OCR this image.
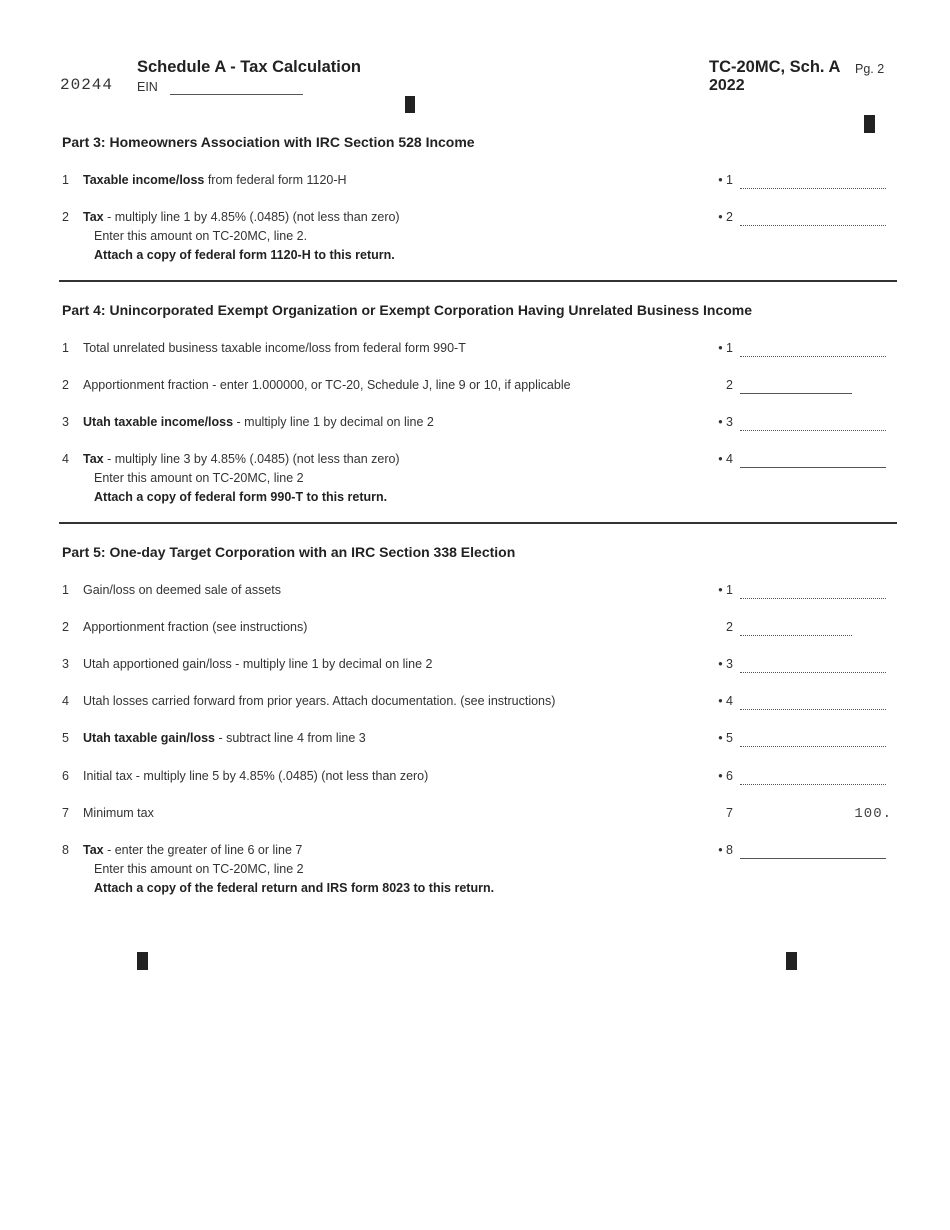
20244
Schedule A - Tax Calculation
EIN
TC-20MC, Sch. A Pg. 2
2022
Part 3: Homeowners Association with IRC Section 528 Income
1 Taxable income/loss from federal form 1120-H	• 1
2 Tax - multiply line 1 by 4.85% (.0485) (not less than zero)	• 2
Enter this amount on TC-20MC, line 2.
Attach a copy of federal form 1120-H to this return.
Part 4: Unincorporated Exempt Organization or Exempt Corporation Having Unrelated Business Income
1 Total unrelated business taxable income/loss from federal form 990-T	• 1
2 Apportionment fraction - enter 1.000000, or TC-20, Schedule J, line 9 or 10, if applicable	2
3 Utah taxable income/loss - multiply line 1 by decimal on line 2	• 3
4 Tax - multiply line 3 by 4.85% (.0485) (not less than zero)	• 4
Enter this amount on TC-20MC, line 2
Attach a copy of federal form 990-T to this return.
Part 5: One-day Target Corporation with an IRC Section 338 Election
1 Gain/loss on deemed sale of assets	• 1
2 Apportionment fraction (see instructions)	2
3 Utah apportioned gain/loss - multiply line 1 by decimal on line 2	• 3
4 Utah losses carried forward from prior years. Attach documentation. (see instructions)	• 4
5 Utah taxable gain/loss - subtract line 4 from line 3	• 5
6 Initial tax - multiply line 5 by 4.85% (.0485) (not less than zero)	• 6
7 Minimum tax	7	100.
8 Tax - enter the greater of line 6 or line 7	• 8
Enter this amount on TC-20MC, line 2
Attach a copy of the federal return and IRS form 8023 to this return.
